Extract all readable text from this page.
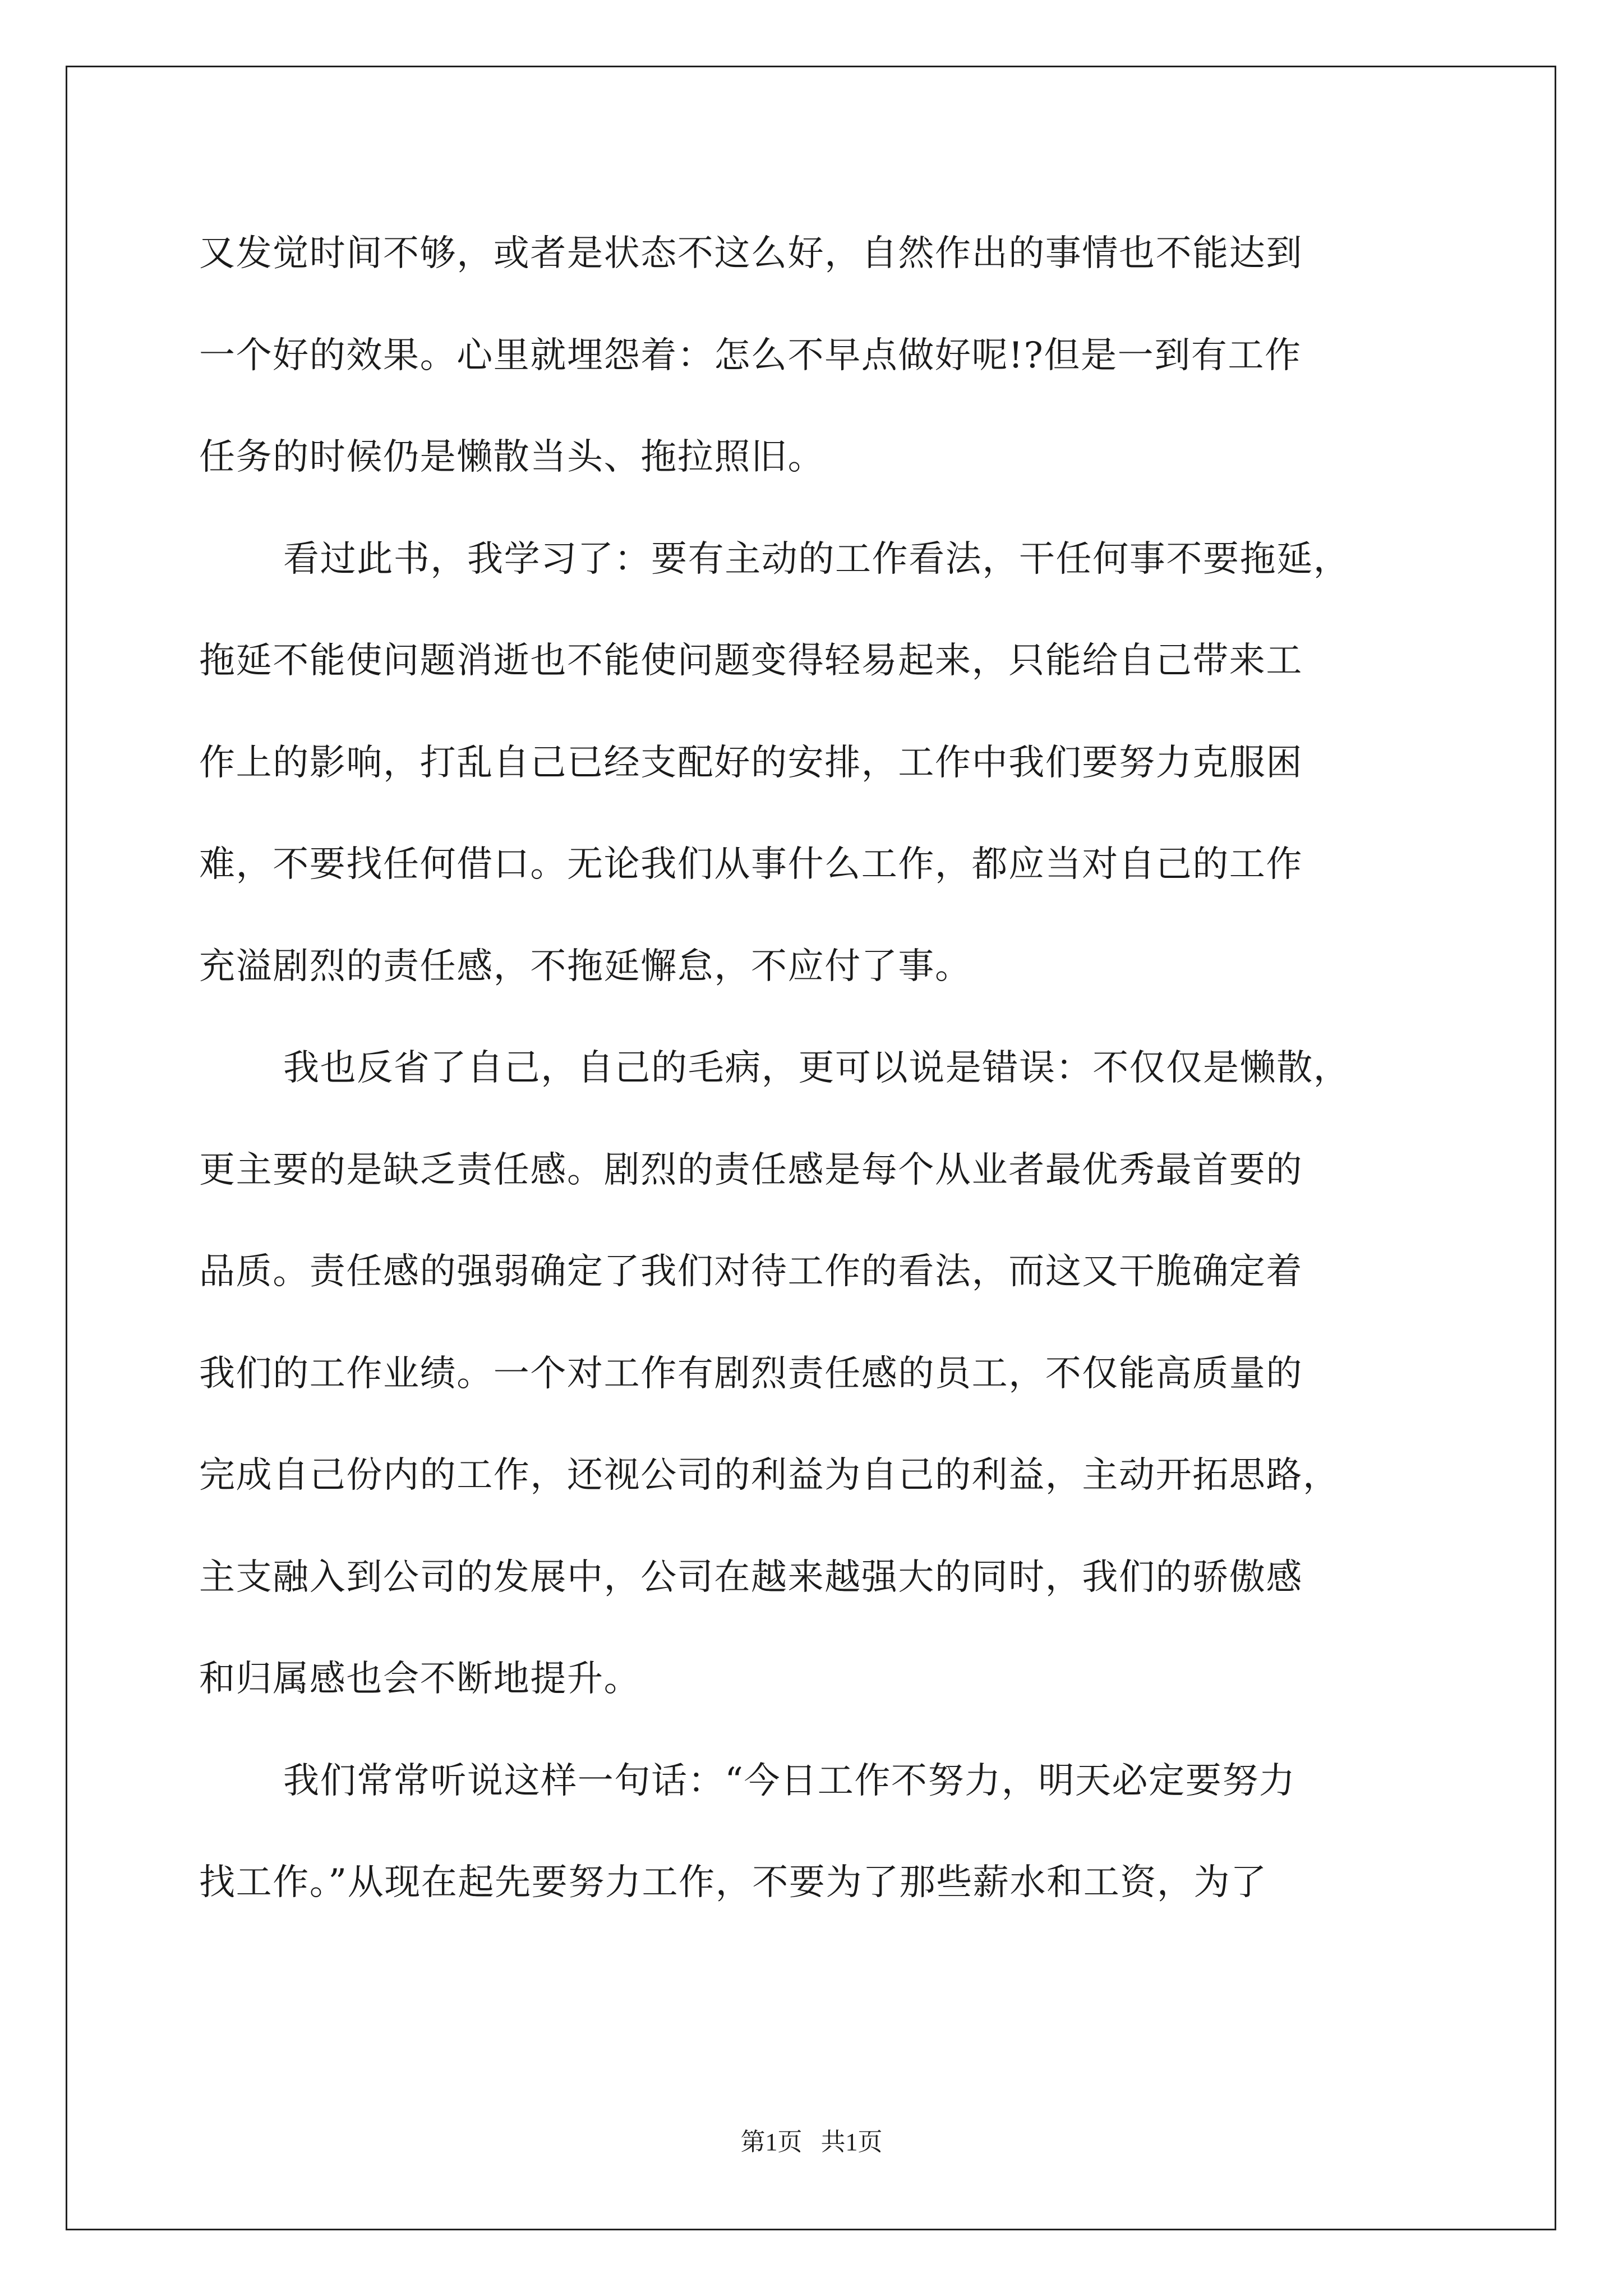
又发觉时间不够，或者是状态不这么好，自然作出的事情也不能达到
一个好的效果。心里就埋怨着：怎么不早点做好呢!?但是一到有工作
任务的时候仍是懒散当头、拖拉照旧。
看过此书，我学习了：要有主动的工作看法，干任何事不要拖延，
拖延不能使问题消逝也不能使问题变得轻易起来，只能给自己带来工
作上的影响，打乱自己已经支配好的安排，工作中我们要努力克服困
难，不要找任何借口。无论我们从事什么工作，都应当对自己的工作
充溢剧烈的责任感，不拖延懈怠，不应付了事。
我也反省了自己，自己的毛病，更可以说是错误：不仅仅是懒散，
更主要的是缺乏责任感。剧烈的责任感是每个从业者最优秀最首要的
品质。责任感的强弱确定了我们对待工作的看法，而这又干脆确定着
我们的工作业绩。一个对工作有剧烈责任感的员工，不仅能高质量的
完成自己份内的工作，还视公司的利益为自己的利益，主动开拓思路，
主支融入到公司的发展中，公司在越来越强大的同时，我们的骄傲感
和归属感也会不断地提升。
我们常常听说这样一句话：“今日工作不努力，明天必定要努力
找工作。”从现在起先要努力工作，不要为了那些薪水和工资，为了
第1页   共1页
